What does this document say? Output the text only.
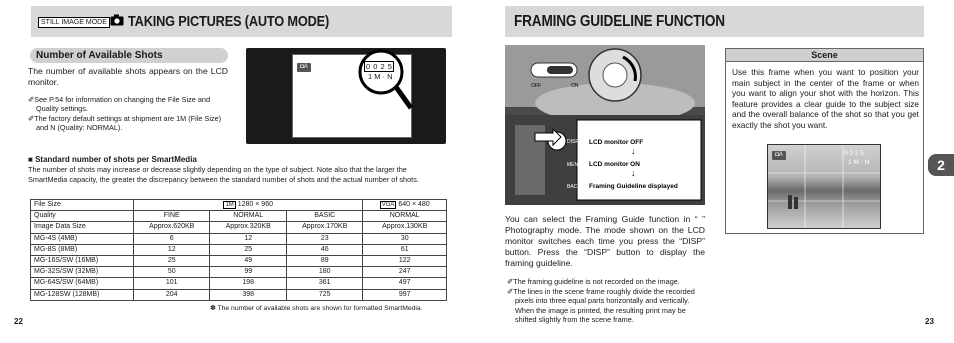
STILL IMAGE MODE TAKING PICTURES (AUTO MODE)
Number of Available Shots
The number of available shots appears on the LCD monitor.
✐See P.54 for information on changing the File Size and Quality settings.
✐The factory default settings at shipment are 1M (File Size) and N (Quality: NORMAL).
◘A	0 0 2 5
1 M · N
■ Standard number of shots per SmartMedia
The number of shots may increase or decrease slightly depending on the type of subject. Note also that the larger the SmartMedia capacity, the greater the discrepancy between the standard number of shots and the actual number of shots.
File Size	1M 1280 × 960			VGA 640 × 480
Quality	FINE	NORMAL	BASIC	NORMAL
Image Data Size	Approx.620KB	Approx.320KB	Approx.170KB	Approx.130KB
MG-4S (4MB)	6	12	23	30
MG-8S (8MB)	12	25	46	61
MG-16S/SW (16MB)	25	49	89	122
MG-32S/SW (32MB)	50	99	180	247
MG-64S/SW (64MB)	101	198	361	497
MG-128SW (128MB)	204	398	725	997
✽ The number of available shots are shown for formatted SmartMedia.
22
FRAMING GUIDELINE FUNCTION
OFF	ON
DISP
MENU
BACK
LCD monitor OFF
↓
LCD monitor ON
↓
Framing Guideline displayed
You can select the Framing Guide function in “ ” Photography mode. The mode shown on the LCD monitor switches each time you press the “DISP” button. Press the “DISP” button to display the framing guideline.
✐The framing guideline is not recorded on the image.
✐The lines in the scene frame roughly divide the recorded pixels into three equal parts horizontally and vertically. When the image is printed, the resulting print may be shifted slightly from the scene frame.
Scene
Use this frame when you want to position your main subject in the center of the frame or when you want to align your shot with the horizon. This feature provides a clear guide to the subject size and the overall balance of the shot so that you get exactly the shot you want.
◘A	0 0 2 5
1 M · N	2
23
